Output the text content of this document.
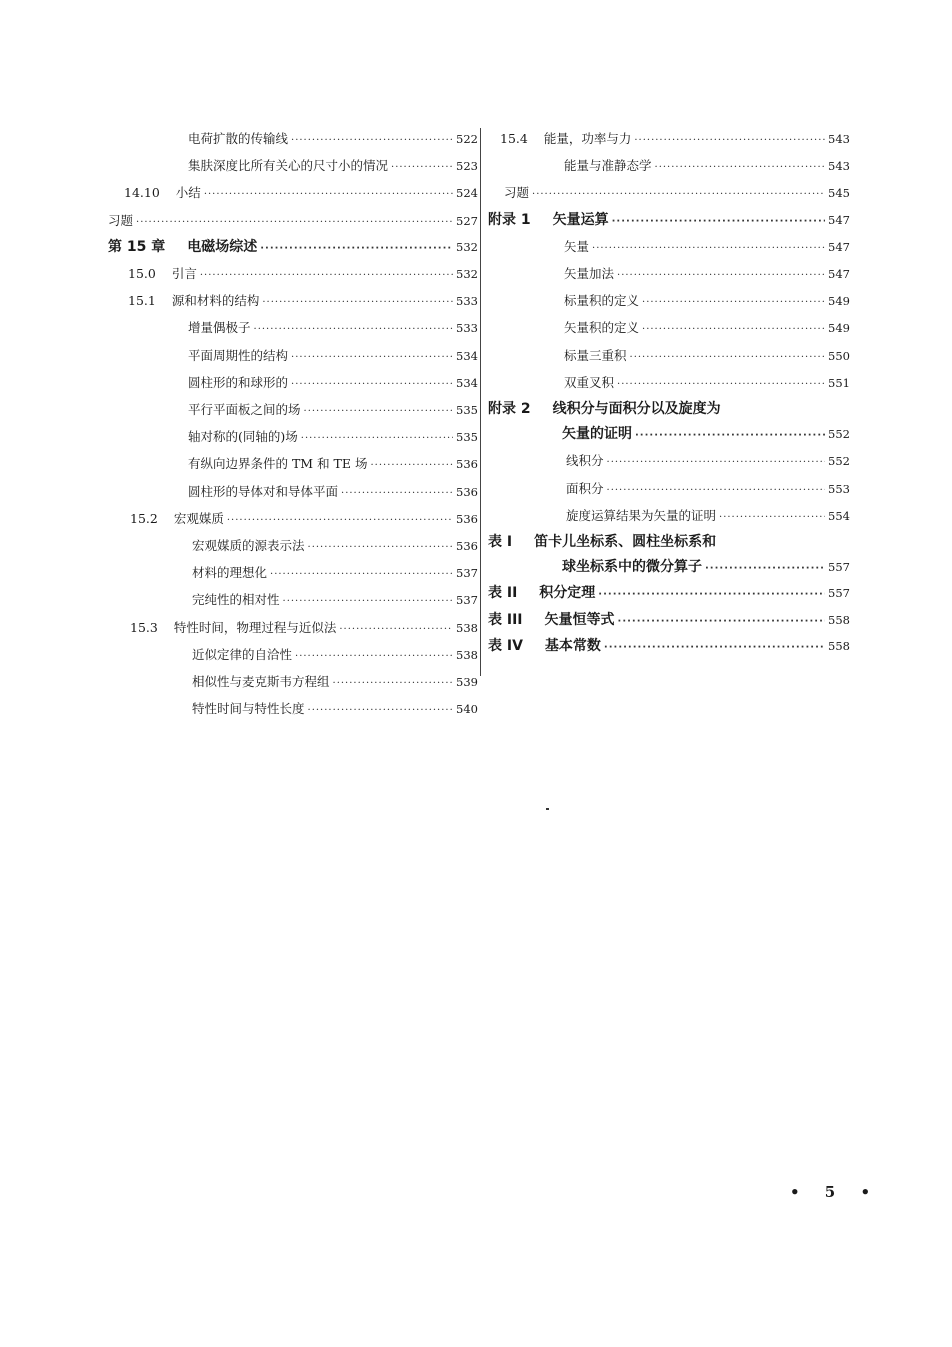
电荷扩散的传输线 ·····	522
集肤深度比所有关心的尺寸小的情况 ·····	523
14.10 小结 ·····	524
习题 ·····	527
第 15 章 电磁场综述 ·····	532
15.0 引言 ·····	532
15.1 源和材料的结构 ·····	533
增量偶极子 ·····	533
平面周期性的结构 ·····	534
圆柱形的和球形的 ·····	534
平行平面板之间的场 ·····	535
轴对称的(同轴的)场 ·····	535
有纵向边界条件的 TM 和 TE 场 ·····	536
圆柱形的导体对和导体平面 ·····	536
15.2 宏观媒质 ·····	536
宏观媒质的源表示法 ·····	536
材料的理想化 ·····	537
完纯性的相对性 ·····	537
15.3 特性时间，物理过程与近似法 ·····	538
近似定律的自洽性 ·····	538
相似性与麦克斯韦方程组 ·····	539
特性时间与特性长度 ·····	540
15.4 能量，功率与力 ·····	543
能量与准静态学 ·····	543
习题 ·····	545
附录 1 矢量运算 ·····	547
矢量 ·····	547
矢量加法 ·····	547
标量积的定义 ·····	549
矢量积的定义 ·····	549
标量三重积 ·····	550
双重叉积 ·····	551
附录 2 线积分与面积分以及旋度为
矢量的证明 ·····	552
线积分 ·····	552
面积分 ·····	553
旋度运算结果为矢量的证明 ·····	554
表 I 笛卡儿坐标系、圆柱坐标系和
球坐标系中的微分算子 ·····	557
表 II 积分定理 ·····	557
表 III 矢量恒等式 ·····	558
表 IV 基本常数 ·····	558
• 5 •
